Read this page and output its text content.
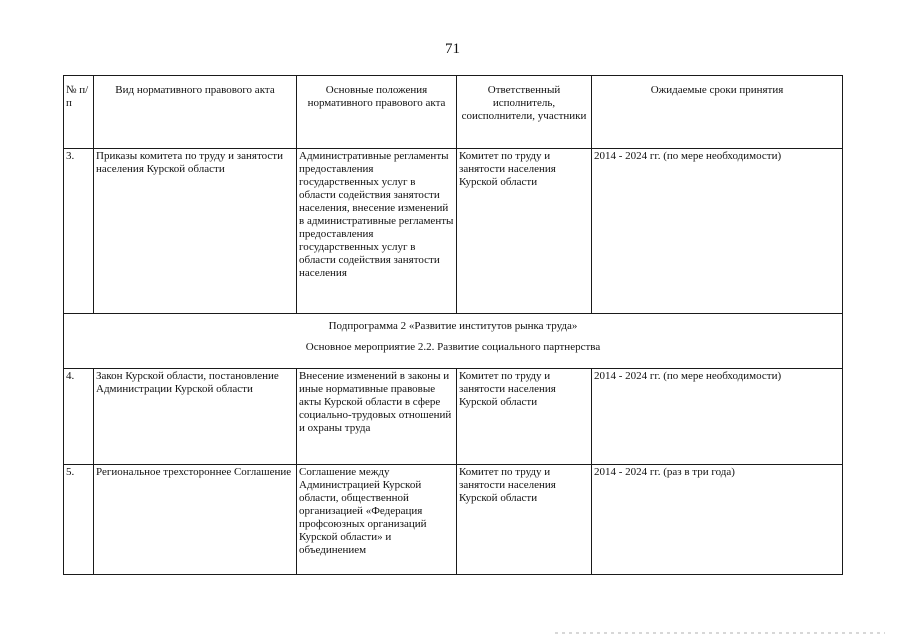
71
№ п/п	Вид нормативного правового акта	Основные положения нормативного правового акта	Ответственный исполнитель, соисполнители, участники	Ожидаемые сроки принятия
3.	Приказы комитета по труду и занятости населения Курской области	Административные регламенты предоставления государственных услуг в области содействия занятости населения, внесение изменений в административные регламенты предоставления государственных услуг в области содействия занятости населения	Комитет по труду и занятости населения Курской области	2014 - 2024 гг. (по мере необходимости)

Подпрограмма 2 «Развитие институтов рынка труда»
Основное мероприятие 2.2. Развитие социального партнерства				

4.	Закон Курской области, постановление Администрации Курской области	Внесение изменений в законы и иные нормативные правовые акты Курской области в сфере социально-трудовых отношений и охраны труда	Комитет по труду и занятости населения Курской области	2014 - 2024 гг. (по мере необходимости)
5.	Региональное трехстороннее Соглашение	Соглашение между Администрацией Курской области, общественной организацией «Федерация профсоюзных организаций Курской области» и объединением	Комитет по труду и занятости населения Курской области	2014 - 2024 гг. (раз в три года)
